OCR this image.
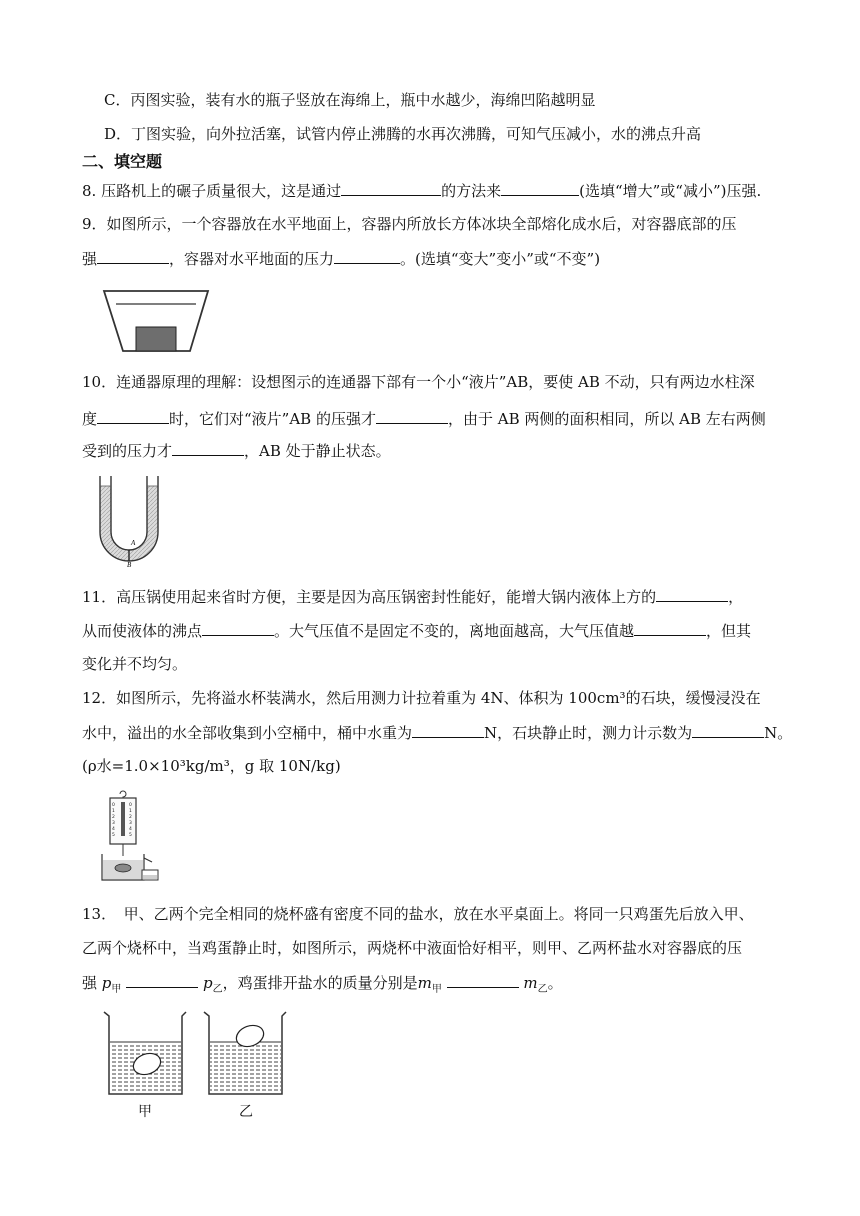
C．丙图实验，装有水的瓶子竖放在海绵上，瓶中水越少，海绵凹陷越明显
D．丁图实验，向外拉活塞，试管内停止沸腾的水再次沸腾，可知气压减小，水的沸点升高
二、填空题
8. 压路机上的碾子质量很大，这是通过	的方法来	(选填“增大”或“减小”)压强.
9．如图所示，一个容器放在水平地面上，容器内所放长方体冰块全部熔化成水后，对容器底部的压
强	，容器对水平地面的压力	。(选填“变大”变小”或“不变”)
10．连通器原理的理解：设想图示的连通器下部有一个小“液片”AB，要使 AB 不动，只有两边水柱深
度	时，它们对“液片”AB 的压强才	，由于 AB 两侧的面积相同，所以 AB 左右两侧
受到的压力才	，AB 处于静止状态。
A
B
11．高压锅使用起来省时方便，主要是因为高压锅密封性能好，能增大锅内液体上方的	，
从而使液体的沸点	。大气压值不是固定不变的，离地面越高，大气压值越	，但其
变化并不均匀。
12．如图所示，先将溢水杯装满水，然后用测力计拉着重为 4N、体积为 100cm³的石块，缓慢浸没在
水中，溢出的水全部收集到小空桶中，桶中水重为	N，石块静止时，测力计示数为	N。
(ρ水=1.0×10³kg/m³，g 取 10N/kg)
0
1
2
3
4
5
0
1
2
3
4
5
13．　甲、乙两个完全相同的烧杯盛有密度不同的盐水，放在水平桌面上。将同一只鸡蛋先后放入甲、
乙两个烧杯中，当鸡蛋静止时，如图所示，两烧杯中液面恰好相平，则甲、乙两杯盐水对容器底的压
强 $p_甲$	$p_乙$，鸡蛋排开盐水的质量分别是$m_甲$	$m_乙$。
甲	乙
